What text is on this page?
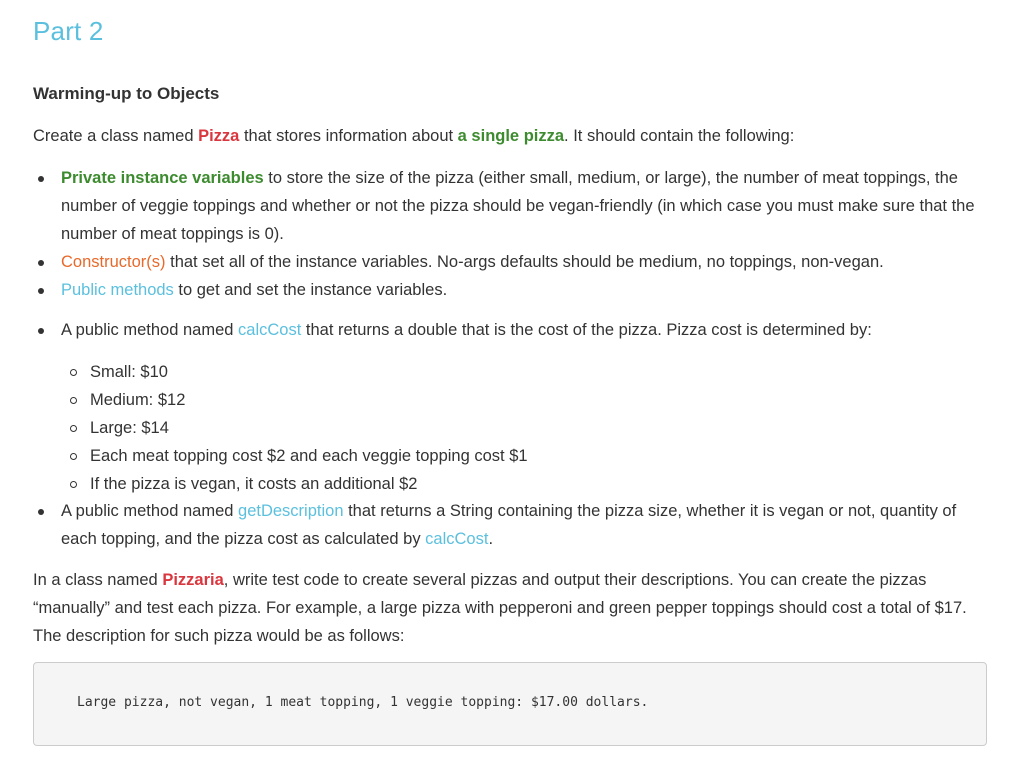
Part 2
Warming-up to Objects

Create a class named Pizza that stores information about a single pizza. It should contain the following:

Private instance variables to store the size of the pizza (either small, medium, or large), the number of meat toppings, the number of veggie toppings and whether or not the pizza should be vegan-friendly (in which case you must make sure that the number of meat toppings is 0).
Constructor(s) that set all of the instance variables. No-args defaults should be medium, no toppings, non-vegan.
Public methods to get and set the instance variables.
A public method named calcCost that returns a double that is the cost of the pizza. Pizza cost is determined by:
Small: $10
Medium: $12
Large: $14
Each meat topping cost $2 and each veggie topping cost $1
If the pizza is vegan, it costs an additional $2
A public method named getDescription that returns a String containing the pizza size, whether it is vegan or not, quantity of each topping, and the pizza cost as calculated by calcCost.

In a class named Pizzaria, write test code to create several pizzas and output their descriptions. You can create the pizzas “manually” and test each pizza. For example, a large pizza with pepperoni and green pepper toppings should cost a total of $17. The description for such pizza would be as follows:

Large pizza, not vegan, 1 meat topping, 1 veggie topping: $17.00 dollars.
